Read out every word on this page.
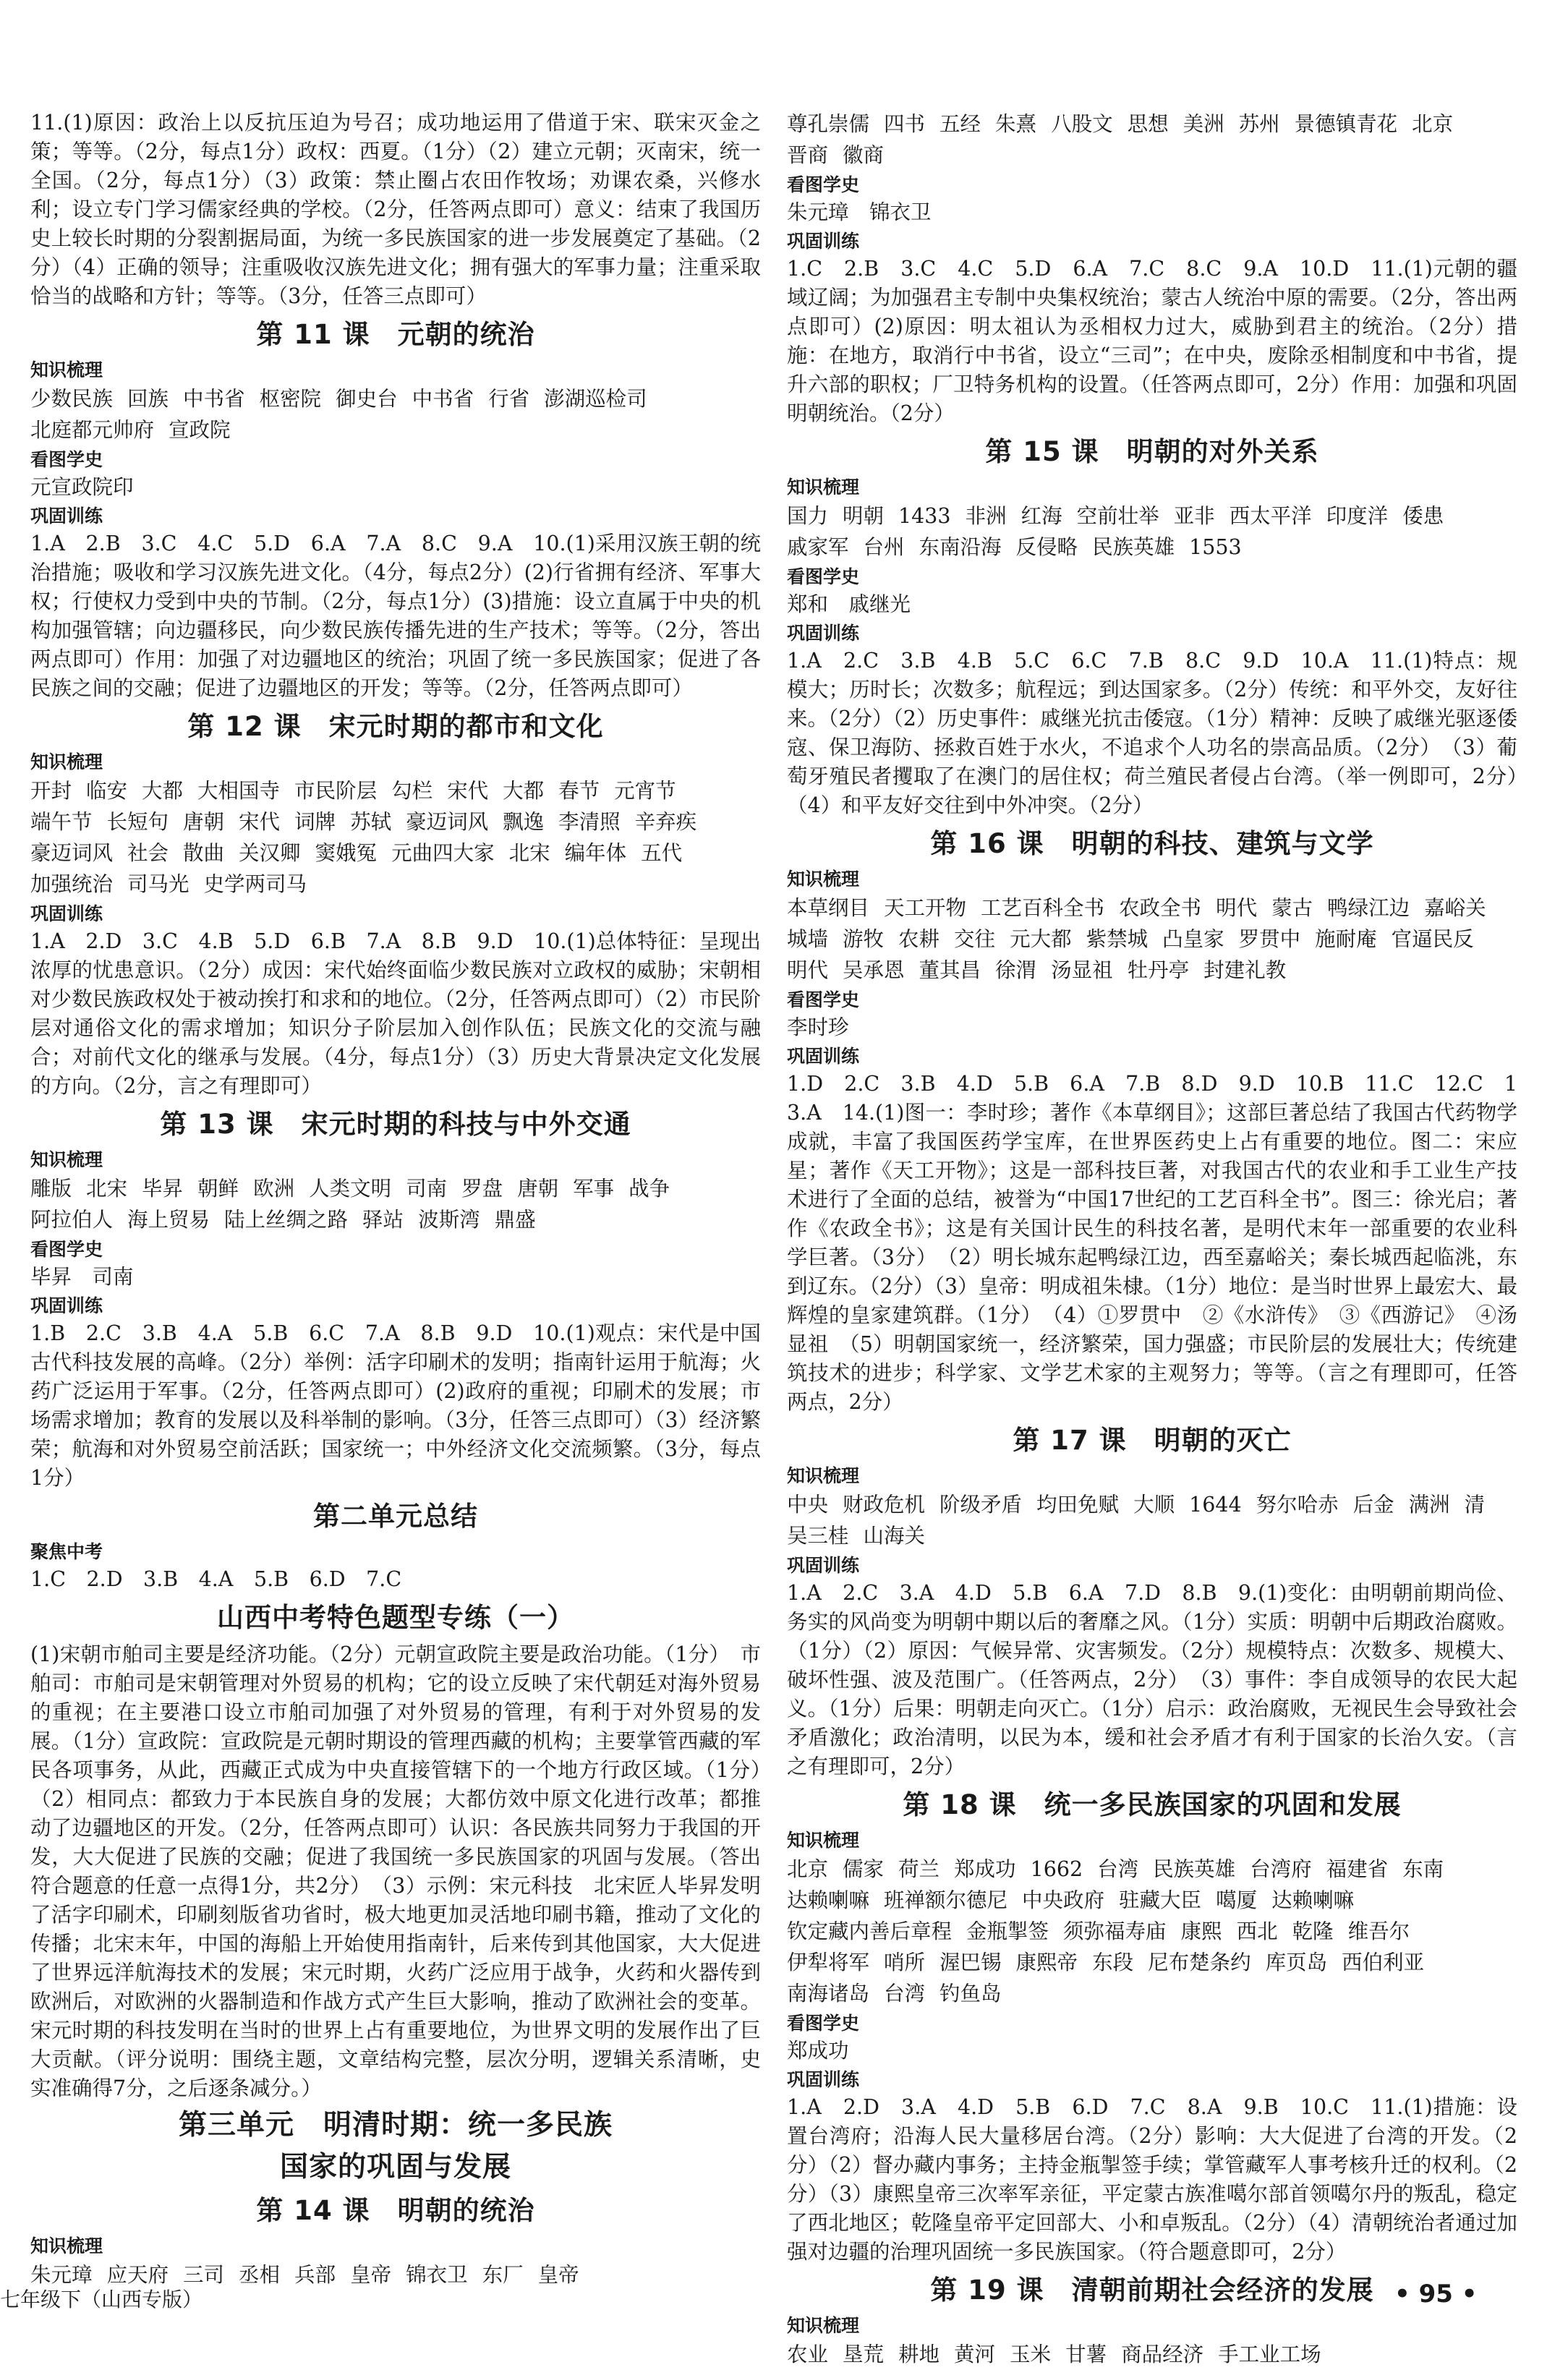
11.(1)原因：政治上以反抗压迫为号召；成功地运用了借道于宋、联宋灭金之策；等等。（2分，每点1分）政权：西夏。（1分）（2）建立元朝；灭南宋，统一全国。（2分，每点1分）（3）政策：禁止圈占农田作牧场；劝课农桑，兴修水利；设立专门学习儒家经典的学校。（2分，任答两点即可）意义：结束了我国历史上较长时期的分裂割据局面，为统一多民族国家的进一步发展奠定了基础。（2分）（4）正确的领导；注重吸收汉族先进文化；拥有强大的军事力量；注重采取恰当的战略和方针；等等。（3分，任答三点即可）

第 11 课　元朝的统治
知识梳理

少数民族 回族 中书省 枢密院 御史台 中书省 行省 澎湖巡检司北庭都元帅府 宣政院

看图学史

元宣政院印

巩固训练

1.A　2.B　3.C　4.C　5.D　6.A　7.A　8.C　9.A　10.(1)采用汉族王朝的统治措施；吸收和学习汉族先进文化。（4分，每点2分）(2)行省拥有经济、军事大权；行使权力受到中央的节制。（2分，每点1分）(3)措施：设立直属于中央的机构加强管辖；向边疆移民，向少数民族传播先进的生产技术；等等。（2分，答出两点即可）作用：加强了对边疆地区的统治；巩固了统一多民族国家；促进了各民族之间的交融；促进了边疆地区的开发；等等。（2分，任答两点即可）

第 12 课　宋元时期的都市和文化
知识梳理

开封 临安 大都 大相国寺 市民阶层 勾栏 宋代 大都 春节 元宵节端午节 长短句 唐朝 宋代 词牌 苏轼 豪迈词风 飘逸 李清照 辛弃疾豪迈词风 社会 散曲 关汉卿 窦娥冤 元曲四大家 北宋 编年体 五代加强统治 司马光 史学两司马

巩固训练

1.A　2.D　3.C　4.B　5.D　6.B　7.A　8.B　9.D　10.(1)总体特征：呈现出浓厚的忧患意识。（2分）成因：宋代始终面临少数民族对立政权的威胁；宋朝相对少数民族政权处于被动挨打和求和的地位。（2分，任答两点即可）（2）市民阶层对通俗文化的需求增加；知识分子阶层加入创作队伍；民族文化的交流与融合；对前代文化的继承与发展。（4分，每点1分）（3）历史大背景决定文化发展的方向。（2分，言之有理即可）

第 13 课　宋元时期的科技与中外交通
知识梳理

雕版 北宋 毕昇 朝鲜 欧洲 人类文明 司南 罗盘 唐朝 军事 战争阿拉伯人 海上贸易 陆上丝绸之路 驿站 波斯湾 鼎盛

看图学史

毕昇　司南

巩固训练

1.B　2.C　3.B　4.A　5.B　6.C　7.A　8.B　9.D　10.(1)观点：宋代是中国古代科技发展的高峰。（2分）举例：活字印刷术的发明；指南针运用于航海；火药广泛运用于军事。（2分，任答两点即可）(2)政府的重视；印刷术的发展；市场需求增加；教育的发展以及科举制的影响。（3分，任答三点即可）（3）经济繁荣；航海和对外贸易空前活跃；国家统一；中外经济文化交流频繁。（3分，每点1分）

第二单元总结
聚焦中考

1.C　2.D　3.B　4.A　5.B　6.D　7.C

山西中考特色题型专练（一）

(1)宋朝市舶司主要是经济功能。（2分）元朝宣政院主要是政治功能。（1分）　市舶司：市舶司是宋朝管理对外贸易的机构；它的设立反映了宋代朝廷对海外贸易的重视；在主要港口设立市舶司加强了对外贸易的管理，有利于对外贸易的发展。（1分）宣政院：宣政院是元朝时期设的管理西藏的机构；主要掌管西藏的军民各项事务，从此，西藏正式成为中央直接管辖下的一个地方行政区域。（1分）　（2）相同点：都致力于本民族自身的发展；大都仿效中原文化进行改革；都推动了边疆地区的开发。（2分，任答两点即可）认识：各民族共同努力于我国的开发，大大促进了民族的交融；促进了我国统一多民族国家的巩固与发展。（答出符合题意的任意一点得1分，共2分）　（3）示例：宋元科技　北宋匠人毕昇发明了活字印刷术，印刷刻版省功省时，极大地更加灵活地印刷书籍，推动了文化的传播；北宋末年，中国的海船上开始使用指南针，后来传到其他国家，大大促进了世界远洋航海技术的发展；宋元时期，火药广泛应用于战争，火药和火器传到欧洲后，对欧洲的火器制造和作战方式产生巨大影响，推动了欧洲社会的变革。宋元时期的科技发明在当时的世界上占有重要地位，为世界文明的发展作出了巨大贡献。（评分说明：围绕主题，文章结构完整，层次分明，逻辑关系清晰，史实准确得7分，之后逐条减分。）

第三单元　明清时期：统一多民族
国家的巩固与发展
第 14 课　明朝的统治
知识梳理

朱元璋 应天府 三司 丞相 兵部 皇帝 锦衣卫 东厂 皇帝

尊孔崇儒 四书 五经 朱熹 八股文 思想 美洲 苏州 景德镇青花 北京晋商 徽商

看图学史

朱元璋　锦衣卫

巩固训练

1.C　2.B　3.C　4.C　5.D　6.A　7.C　8.C　9.A　10.D　11.(1)元朝的疆域辽阔；为加强君主专制中央集权统治；蒙古人统治中原的需要。（2分，答出两点即可）(2)原因：明太祖认为丞相权力过大，威胁到君主的统治。（2分）措施：在地方，取消行中书省，设立“三司”；在中央，废除丞相制度和中书省，提升六部的职权；厂卫特务机构的设置。（任答两点即可，2分）作用：加强和巩固明朝统治。（2分）

第 15 课　明朝的对外关系
知识梳理

国力 明朝 1433 非洲 红海 空前壮举 亚非 西太平洋 印度洋 倭患戚家军 台州 东南沿海 反侵略 民族英雄 1553

看图学史

郑和　戚继光

巩固训练

1.A　2.C　3.B　4.B　5.C　6.C　7.B　8.C　9.D　10.A　11.(1)特点：规模大；历时长；次数多；航程远；到达国家多。（2分）传统：和平外交，友好往来。（2分）（2）历史事件：戚继光抗击倭寇。（1分）精神：反映了戚继光驱逐倭寇、保卫海防、拯救百姓于水火，不追求个人功名的崇高品质。（2分）　（3）葡萄牙殖民者攫取了在澳门的居住权；荷兰殖民者侵占台湾。（举一例即可，2分）　（4）和平友好交往到中外冲突。（2分）

第 16 课　明朝的科技、建筑与文学
知识梳理

本草纲目 天工开物 工艺百科全书 农政全书 明代 蒙古 鸭绿江边 嘉峪关城墙 游牧 农耕 交往 元大都 紫禁城 凸皇家 罗贯中 施耐庵 官逼民反明代 吴承恩 董其昌 徐渭 汤显祖 牡丹亭 封建礼教

看图学史

李时珍

巩固训练

1.D　2.C　3.B　4.D　5.B　6.A　7.B　8.D　9.D　10.B　11.C　12.C　13.A　14.(1)图一：李时珍；著作《本草纲目》；这部巨著总结了我国古代药物学成就，丰富了我国医药学宝库，在世界医药史上占有重要的地位。图二：宋应星；著作《天工开物》；这是一部科技巨著，对我国古代的农业和手工业生产技术进行了全面的总结，被誉为“中国17世纪的工艺百科全书”。图三：徐光启；著作《农政全书》；这是有关国计民生的科技名著，是明代末年一部重要的农业科学巨著。（3分）　（2）明长城东起鸭绿江边，西至嘉峪关；秦长城西起临洮，东到辽东。（2分）（3）皇帝：明成祖朱棣。（1分）地位：是当时世界上最宏大、最辉煌的皇家建筑群。（1分）　（4）①罗贯中　②《水浒传》　③《西游记》　④汤显祖　（5）明朝国家统一，经济繁荣，国力强盛；市民阶层的发展壮大；传统建筑技术的进步；科学家、文学艺术家的主观努力；等等。（言之有理即可，任答两点，2分）

第 17 课　明朝的灭亡
知识梳理

中央 财政危机 阶级矛盾 均田免赋 大顺 1644 努尔哈赤 后金 满洲 清吴三桂 山海关

巩固训练

1.A　2.C　3.A　4.D　5.B　6.A　7.D　8.B　9.(1)变化：由明朝前期尚俭、务实的风尚变为明朝中期以后的奢靡之风。（1分）实质：明朝中后期政治腐败。（1分）（2）原因：气候异常、灾害频发。（2分）规模特点：次数多、规模大、破坏性强、波及范围广。（任答两点，2分）　（3）事件：李自成领导的农民大起义。（1分）后果：明朝走向灭亡。（1分）启示：政治腐败，无视民生会导致社会矛盾激化；政治清明，以民为本，缓和社会矛盾才有利于国家的长治久安。（言之有理即可，2分）

第 18 课　统一多民族国家的巩固和发展
知识梳理

北京 儒家 荷兰 郑成功 1662 台湾 民族英雄 台湾府 福建省 东南达赖喇嘛 班禅额尔德尼 中央政府 驻藏大臣 噶厦 达赖喇嘛钦定藏内善后章程 金瓶掣签 须弥福寿庙 康熙 西北 乾隆 维吾尔伊犁将军 哨所 渥巴锡 康熙帝 东段 尼布楚条约 库页岛 西伯利亚南海诸岛 台湾 钓鱼岛

看图学史

郑成功

巩固训练

1.A　2.D　3.A　4.D　5.B　6.D　7.C　8.A　9.B　10.C　11.(1)措施：设置台湾府；沿海人民大量移居台湾。（2分）影响：大大促进了台湾的开发。（2分）（2）督办藏内事务；主持金瓶掣签手续；掌管藏军人事考核升迁的权利。（2分）（3）康熙皇帝三次率军亲征，平定蒙古族准噶尔部首领噶尔丹的叛乱，稳定了西北地区；乾隆皇帝平定回部大、小和卓叛乱。（2分）（4）清朝统治者通过加强对边疆的治理巩固统一多民族国家。（符合题意即可，2分）

第 19 课　清朝前期社会经济的发展
知识梳理

农业 垦荒 耕地 黄河 玉米 甘薯 商品经济 手工业工场

七年级下（山西专版）	• 95 •
